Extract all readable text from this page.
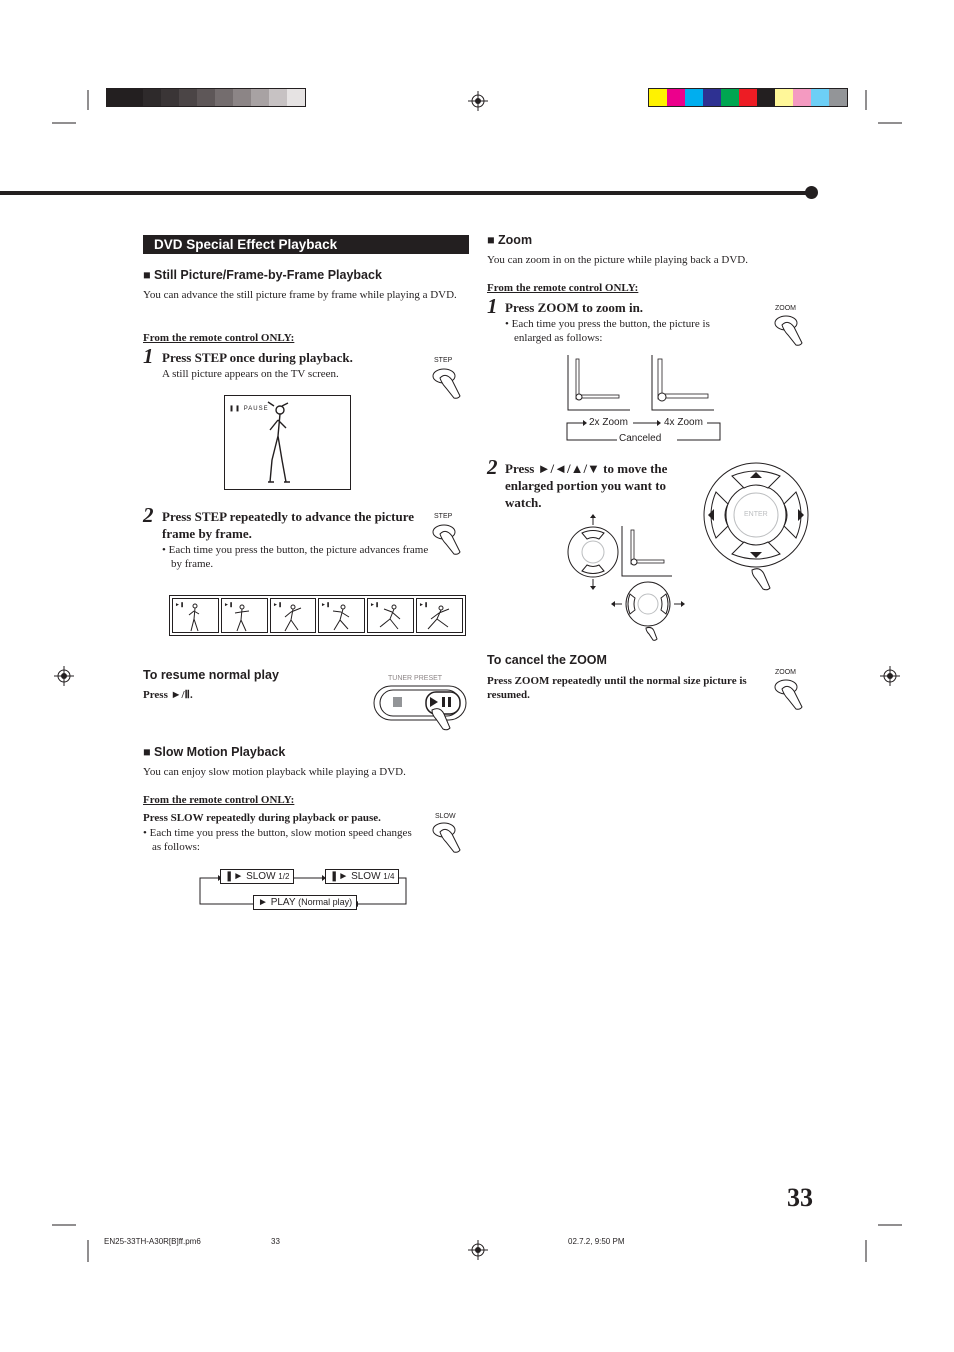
DVD Special Effect Playback
■ Still Picture/Frame-by-Frame Playback
You can advance the still picture frame by frame while playing a DVD.
From the remote control ONLY:
1 Press STEP once during playback.
A still picture appears on the TV screen.
STEP
❚❚ PAUSE
2 Press STEP repeatedly to advance the picture frame by frame.
• Each time you press the button, the picture advances frame by frame.
STEP
►❚	►❚	►❚	►❚	►❚	►❚
To resume normal play
Press ►/Ⅱ.
TUNER PRESET
■ Slow Motion Playback
You can enjoy slow motion playback while playing a DVD.
From the remote control ONLY:
Press SLOW repeatedly during playback or pause.
• Each time you press the button, slow motion speed changes as follows:
SLOW
❚► SLOW 1/2	❚► SLOW 1/4
► PLAY (Normal play)
■ Zoom
You can zoom in on the picture while playing back a DVD.
From the remote control ONLY:
1 Press ZOOM to zoom in.
• Each time you press the button, the picture is enlarged as follows:
ZOOM
2x Zoom	4x Zoom
Canceled
2 Press ►/◄/▲/▼ to move the enlarged portion you want to watch.
ENTER
To cancel the ZOOM
Press ZOOM repeatedly until the normal size picture is resumed.
ZOOM
33
EN25-33TH-A30R[B]ff.pm6	33	02.7.2, 9:50 PM
